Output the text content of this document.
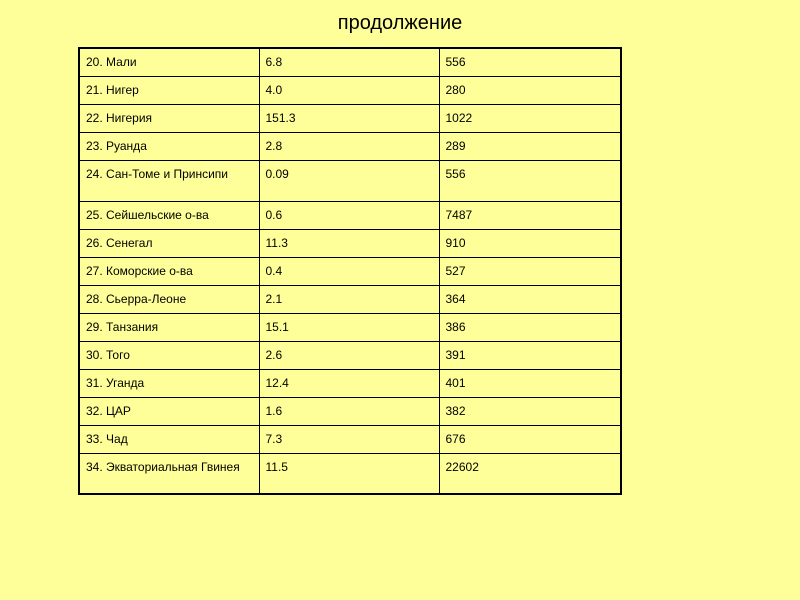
продолжение
20. Мали	6.8	556
21. Нигер	4.0	280
22. Нигерия	151.3	1022
23. Руанда	2.8	289
24. Сан-Томе и Принсипи	0.09	556
25. Сейшельские о-ва	0.6	7487
26. Сенегал	11.3	910
27. Коморские о-ва	0.4	527
28. Сьерра-Леоне	2.1	364
29. Танзания	15.1	386
30. Того	2.6	391
31. Уганда	12.4	401
32. ЦАР	1.6	382
33. Чад	7.3	676
34. Экваториальная Гвинея	11.5	22602
